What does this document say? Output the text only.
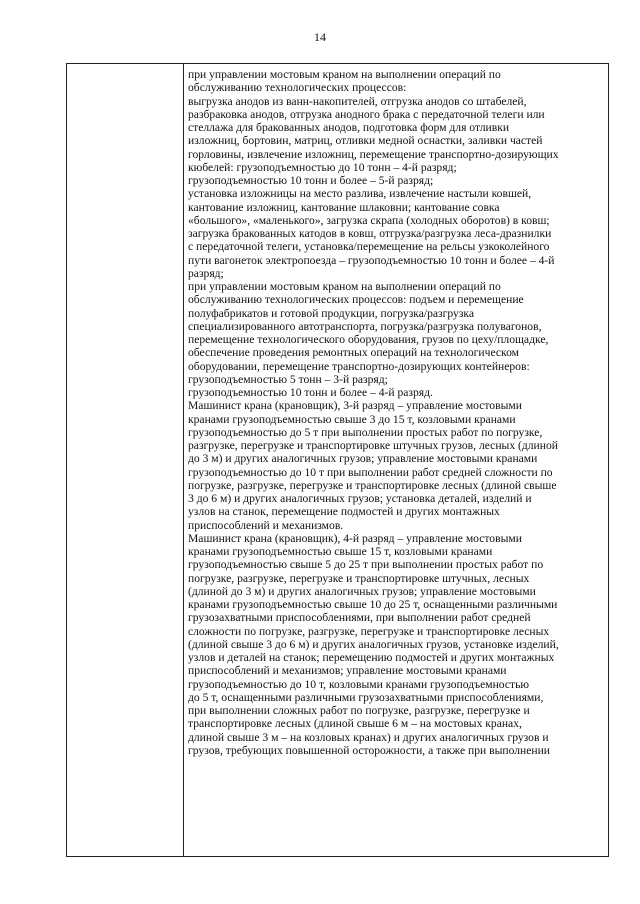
14

при управлении мостовым краном на выполнении операций по
обслуживанию технологических процессов:
выгрузка анодов из ванн-накопителей, отгрузка анодов со штабелей,
разбраковка анодов, отгрузка анодного брака с передаточной телеги или
стеллажа для бракованных анодов, подготовка форм для отливки
изложниц, бортовин, матриц, отливки медной оснастки, заливки частей
горловины, извлечение изложниц, перемещение транспортно-дозирующих
кюбелей: грузоподъемностью до 10 тонн – 4-й разряд;
грузоподъемностью 10 тонн и более – 5-й разряд;
установка изложницы на место разлива, извлечение настыли ковшей,
кантование изложниц, кантование шлаковни; кантование совка
«большого», «маленького», загрузка скрапа (холодных оборотов) в ковш;
загрузка бракованных катодов в ковш, отгрузка/разгрузка леса-дразнилки
с передаточной телеги, установка/перемещение на рельсы узкоколейного
пути вагонеток электропоезда – грузоподъемностью 10 тонн и более – 4-й
разряд;
при управлении мостовым краном на выполнении операций по
обслуживанию технологических процессов: подъем и перемещение
полуфабрикатов и готовой продукции, погрузка/разгрузка
специализированного автотранспорта, погрузка/разгрузка полувагонов,
перемещение технологического оборудования, грузов по цеху/площадке,
обеспечение проведения ремонтных операций на технологическом
оборудовании, перемещение транспортно-дозирующих контейнеров:
грузоподъемностью 5 тонн – 3-й разряд;
грузоподъемностью 10 тонн и более – 4-й разряд.
Машинист крана (крановщик), 3-й разряд – управление мостовыми
кранами грузоподъемностью свыше 3 до 15 т, козловыми кранами
грузоподъемностью до 5 т при выполнении простых работ по погрузке,
разгрузке, перегрузке и транспортировке штучных грузов, лесных (длиной
до 3 м) и других аналогичных грузов; управление мостовыми кранами
грузоподъемностью до 10 т при выполнении работ средней сложности по
погрузке, разгрузке, перегрузке и транспортировке лесных (длиной свыше
3 до 6 м) и других аналогичных грузов; установка деталей, изделий и
узлов на станок, перемещение подмостей и других монтажных
приспособлений и механизмов.
Машинист крана (крановщик), 4-й разряд – управление мостовыми
кранами грузоподъемностью свыше 15 т, козловыми кранами
грузоподъемностью свыше 5 до 25 т при выполнении простых работ по
погрузке, разгрузке, перегрузке и транспортировке штучных, лесных
(длиной до 3 м) и других аналогичных грузов; управление мостовыми
кранами грузоподъемностью свыше 10 до 25 т, оснащенными различными
грузозахватными приспособлениями, при выполнении работ средней
сложности по погрузке, разгрузке, перегрузке и транспортировке лесных
(длиной свыше 3 до 6 м) и других аналогичных грузов, установке изделий,
узлов и деталей на станок; перемещению подмостей и других монтажных
приспособлений и механизмов; управление мостовыми кранами
грузоподъемностью до 10 т, козловыми кранами грузоподъемностью
до 5 т, оснащенными различными грузозахватными приспособлениями,
при выполнении сложных работ по погрузке, разгрузке, перегрузке и
транспортировке лесных (длиной свыше 6 м – на мостовых кранах,
длиной свыше 3 м – на козловых кранах) и других аналогичных грузов и
грузов, требующих повышенной осторожности, а также при выполнении
